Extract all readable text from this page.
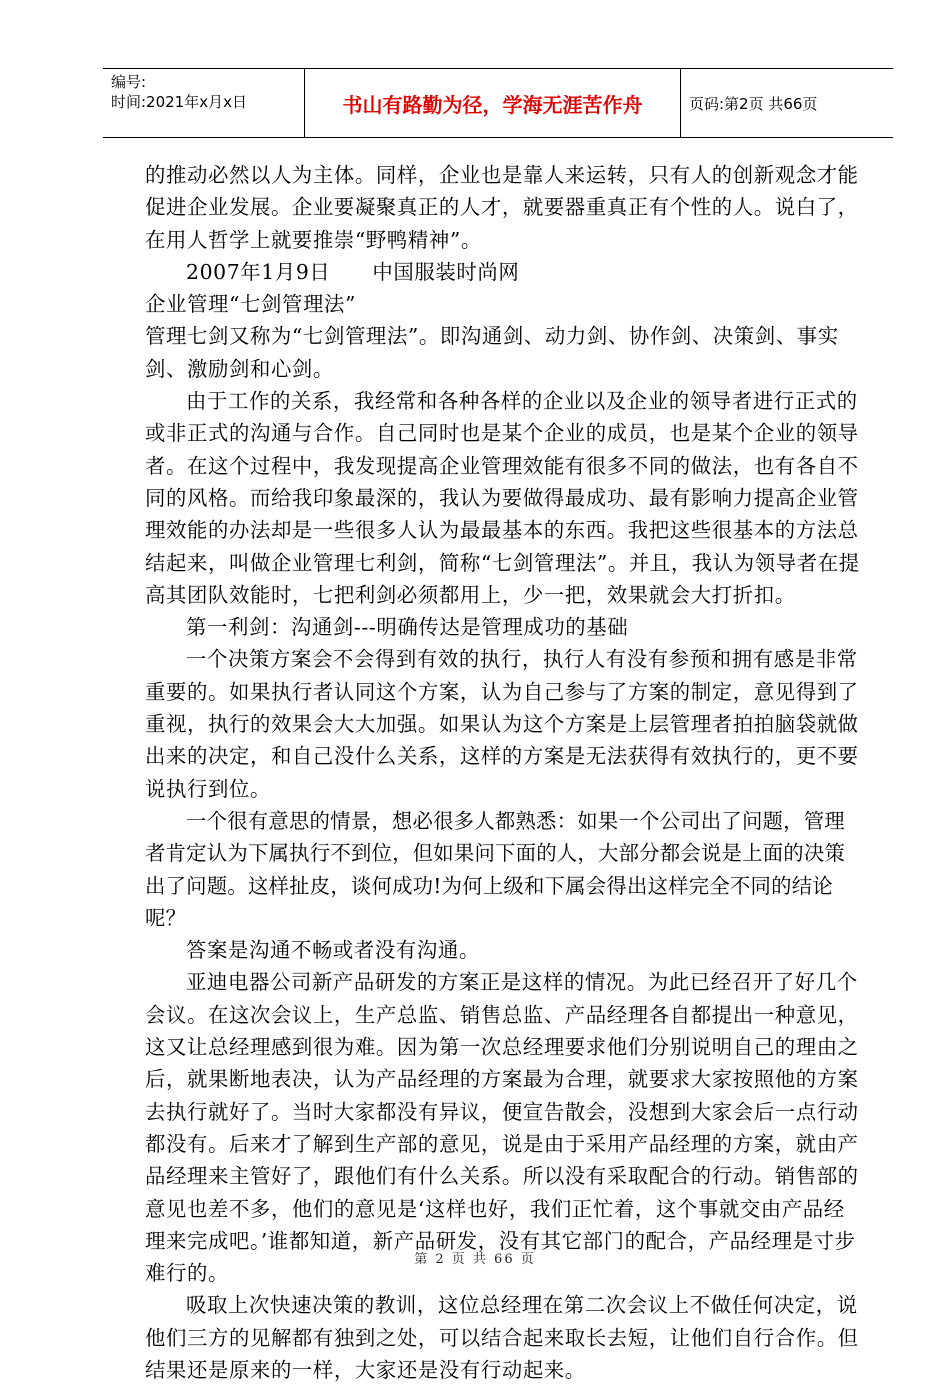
编号:
时间:2021年x月x日	书山有路勤为径，学海无涯苦作舟	页码:第2页 共66页

的推动必然以人为主体。同样，企业也是靠人来运转，只有人的创新观念才能促进企业发展。企业要凝聚真正的人才，就要器重真正有个性的人。说白了，在用人哲学上就要推崇“野鸭精神”。

2007年1月9日　　中国服装时尚网

企业管理“七剑管理法”

管理七剑又称为“七剑管理法”。即沟通剑、动力剑、协作剑、决策剑、事实剑、激励剑和心剑。

由于工作的关系，我经常和各种各样的企业以及企业的领导者进行正式的或非正式的沟通与合作。自己同时也是某个企业的成员，也是某个企业的领导者。在这个过程中，我发现提高企业管理效能有很多不同的做法，也有各自不同的风格。而给我印象最深的，我认为要做得最成功、最有影响力提高企业管理效能的办法却是一些很多人认为最最基本的东西。我把这些很基本的方法总结起来，叫做企业管理七利剑，简称“七剑管理法”。并且，我认为领导者在提高其团队效能时，七把利剑必须都用上，少一把，效果就会大打折扣。

第一利剑：沟通剑---明确传达是管理成功的基础

一个决策方案会不会得到有效的执行，执行人有没有参预和拥有感是非常重要的。如果执行者认同这个方案，认为自己参与了方案的制定，意见得到了重视，执行的效果会大大加强。如果认为这个方案是上层管理者拍拍脑袋就做出来的决定，和自己没什么关系，这样的方案是无法获得有效执行的，更不要说执行到位。

一个很有意思的情景，想必很多人都熟悉：如果一个公司出了问题，管理者肯定认为下属执行不到位，但如果问下面的人，大部分都会说是上面的决策出了问题。这样扯皮，谈何成功!为何上级和下属会得出这样完全不同的结论呢？

答案是沟通不畅或者没有沟通。

亚迪电器公司新产品研发的方案正是这样的情况。为此已经召开了好几个会议。在这次会议上，生产总监、销售总监、产品经理各自都提出一种意见，这又让总经理感到很为难。因为第一次总经理要求他们分别说明自己的理由之后，就果断地表决，认为产品经理的方案最为合理，就要求大家按照他的方案去执行就好了。当时大家都没有异议，便宣告散会，没想到大家会后一点行动都没有。后来才了解到生产部的意见，说是由于采用产品经理的方案，就由产品经理来主管好了，跟他们有什么关系。所以没有采取配合的行动。销售部的意见也差不多，他们的意见是‘这样也好，我们正忙着，这个事就交由产品经理来完成吧。’谁都知道，新产品研发，没有其它部门的配合，产品经理是寸步难行的。

吸取上次快速决策的教训，这位总经理在第二次会议上不做任何决定，说他们三方的见解都有独到之处，可以结合起来取长去短，让他们自行合作。但结果还是原来的一样，大家还是没有行动起来。

第 2 页 共 66 页
